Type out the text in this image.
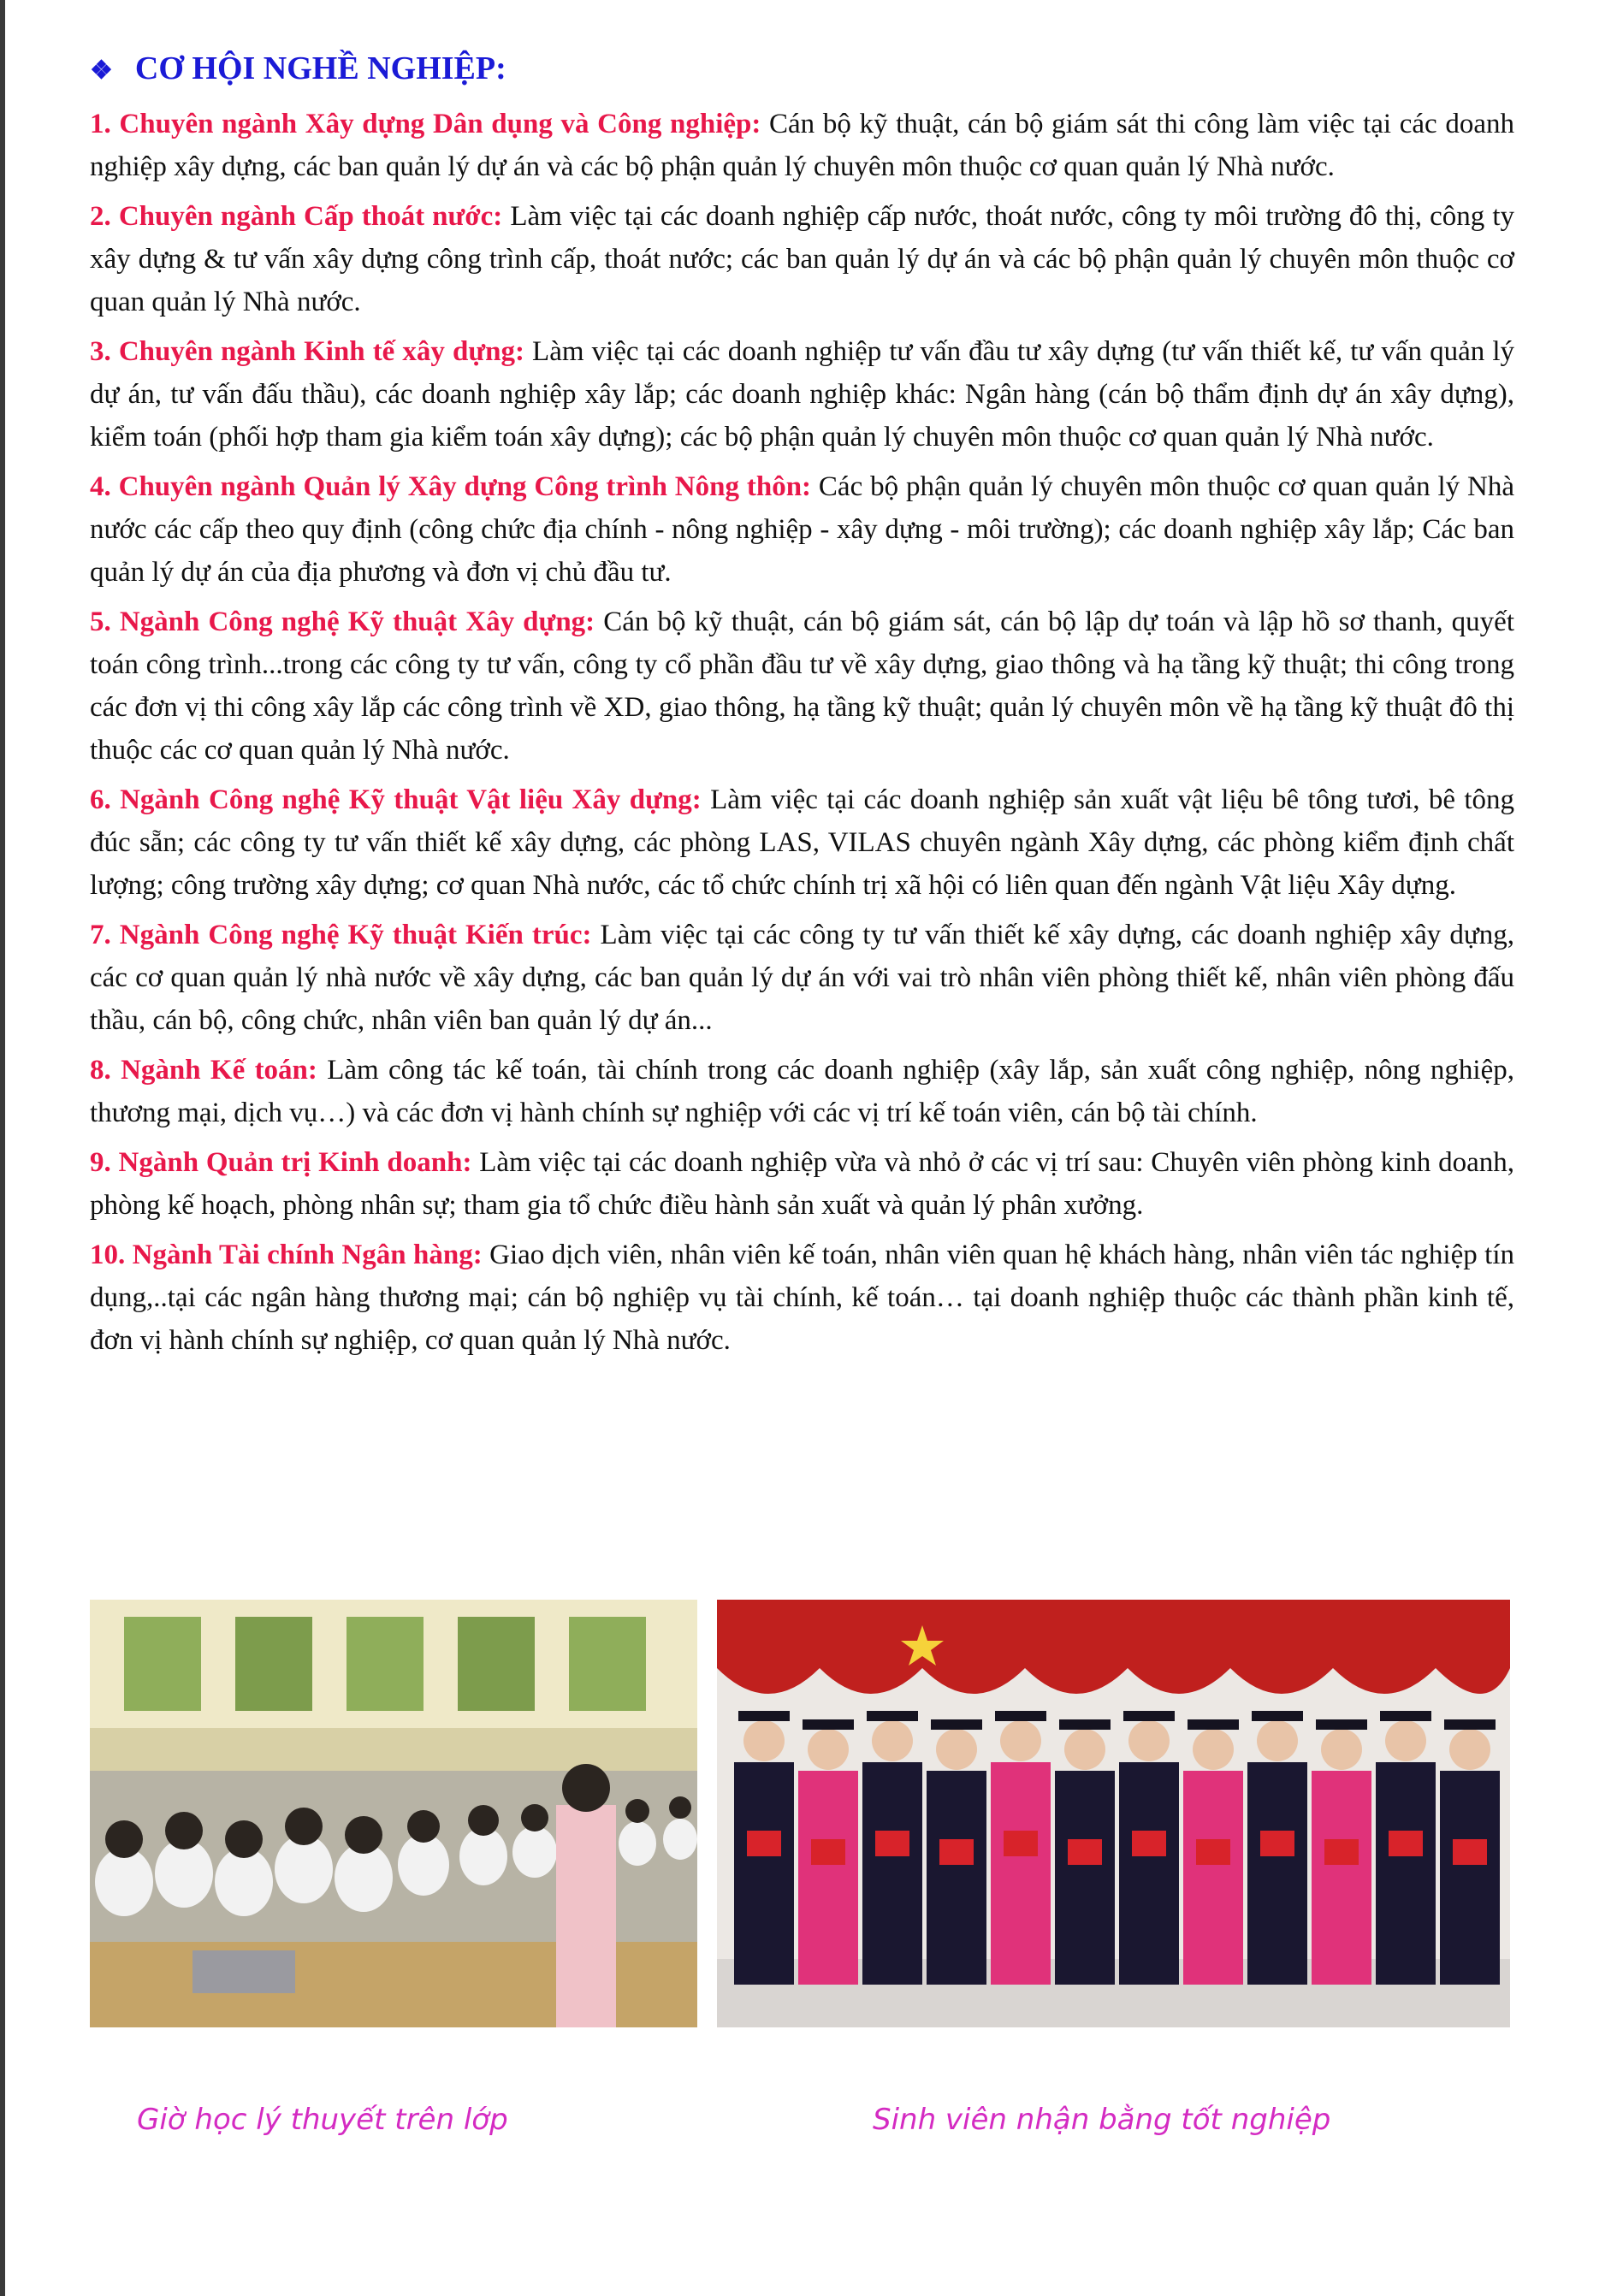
❖ CƠ HỘI NGHỀ NGHIỆP:

1. Chuyên ngành Xây dựng Dân dụng và Công nghiệp: Cán bộ kỹ thuật, cán bộ giám sát thi công làm việc tại các doanh nghiệp xây dựng, các ban quản lý dự án và các bộ phận quản lý chuyên môn thuộc cơ quan quản lý Nhà nước.

2. Chuyên ngành Cấp thoát nước: Làm việc tại các doanh nghiệp cấp nước, thoát nước, công ty môi trường đô thị, công ty xây dựng & tư vấn xây dựng công trình cấp, thoát nước; các ban quản lý dự án và các bộ phận quản lý chuyên môn thuộc cơ quan quản lý Nhà nước.

3. Chuyên ngành Kinh tế xây dựng: Làm việc tại các doanh nghiệp tư vấn đầu tư xây dựng (tư vấn thiết kế, tư vấn quản lý dự án, tư vấn đấu thầu), các doanh nghiệp xây lắp; các doanh nghiệp khác: Ngân hàng (cán bộ thẩm định dự án xây dựng), kiểm toán (phối hợp tham gia kiểm toán xây dựng); các bộ phận quản lý chuyên môn thuộc cơ quan quản lý Nhà nước.

4. Chuyên ngành Quản lý Xây dựng Công trình Nông thôn: Các bộ phận quản lý chuyên môn thuộc cơ quan quản lý Nhà nước các cấp theo quy định (công chức địa chính - nông nghiệp - xây dựng - môi trường); các doanh nghiệp xây lắp; Các ban quản lý dự án của địa phương và đơn vị chủ đầu tư.

5. Ngành Công nghệ Kỹ thuật Xây dựng: Cán bộ kỹ thuật, cán bộ giám sát, cán bộ lập dự toán và lập hồ sơ thanh, quyết toán công trình...trong các công ty tư vấn, công ty cổ phần đầu tư về xây dựng, giao thông và hạ tầng kỹ thuật; thi công trong các đơn vị thi công xây lắp các công trình về XD, giao thông, hạ tầng kỹ thuật; quản lý chuyên môn về hạ tầng kỹ thuật đô thị thuộc các cơ quan quản lý Nhà nước.

6. Ngành Công nghệ Kỹ thuật Vật liệu Xây dựng: Làm việc tại các doanh nghiệp sản xuất vật liệu bê tông tươi, bê tông đúc sẵn; các công ty tư vấn thiết kế xây dựng, các phòng LAS, VILAS chuyên ngành Xây dựng, các phòng kiểm định chất lượng; công trường xây dựng; cơ quan Nhà nước, các tổ chức chính trị xã hội có liên quan đến ngành Vật liệu Xây dựng.

7. Ngành Công nghệ Kỹ thuật Kiến trúc: Làm việc tại các công ty tư vấn thiết kế xây dựng, các doanh nghiệp xây dựng, các cơ quan quản lý nhà nước về xây dựng, các ban quản lý dự án với vai trò nhân viên phòng thiết kế, nhân viên phòng đấu thầu, cán bộ, công chức, nhân viên ban quản lý dự án...

8. Ngành Kế toán: Làm công tác kế toán, tài chính trong các doanh nghiệp (xây lắp, sản xuất công nghiệp, nông nghiệp, thương mại, dịch vụ…) và các đơn vị hành chính sự nghiệp với các vị trí kế toán viên, cán bộ tài chính.

9. Ngành Quản trị Kinh doanh: Làm việc tại các doanh nghiệp vừa và nhỏ ở các vị trí sau: Chuyên viên phòng kinh doanh, phòng kế hoạch, phòng nhân sự; tham gia tổ chức điều hành sản xuất và quản lý phân xưởng.

10. Ngành Tài chính Ngân hàng: Giao dịch viên, nhân viên kế toán, nhân viên quan hệ khách hàng, nhân viên tác nghiệp tín dụng,..tại các ngân hàng thương mại; cán bộ nghiệp vụ tài chính, kế toán… tại doanh nghiệp thuộc các thành phần kinh tế, đơn vị hành chính sự nghiệp, cơ quan quản lý Nhà nước.

Giờ học lý thuyết trên lớp	Sinh viên nhận bằng tốt nghiệp
